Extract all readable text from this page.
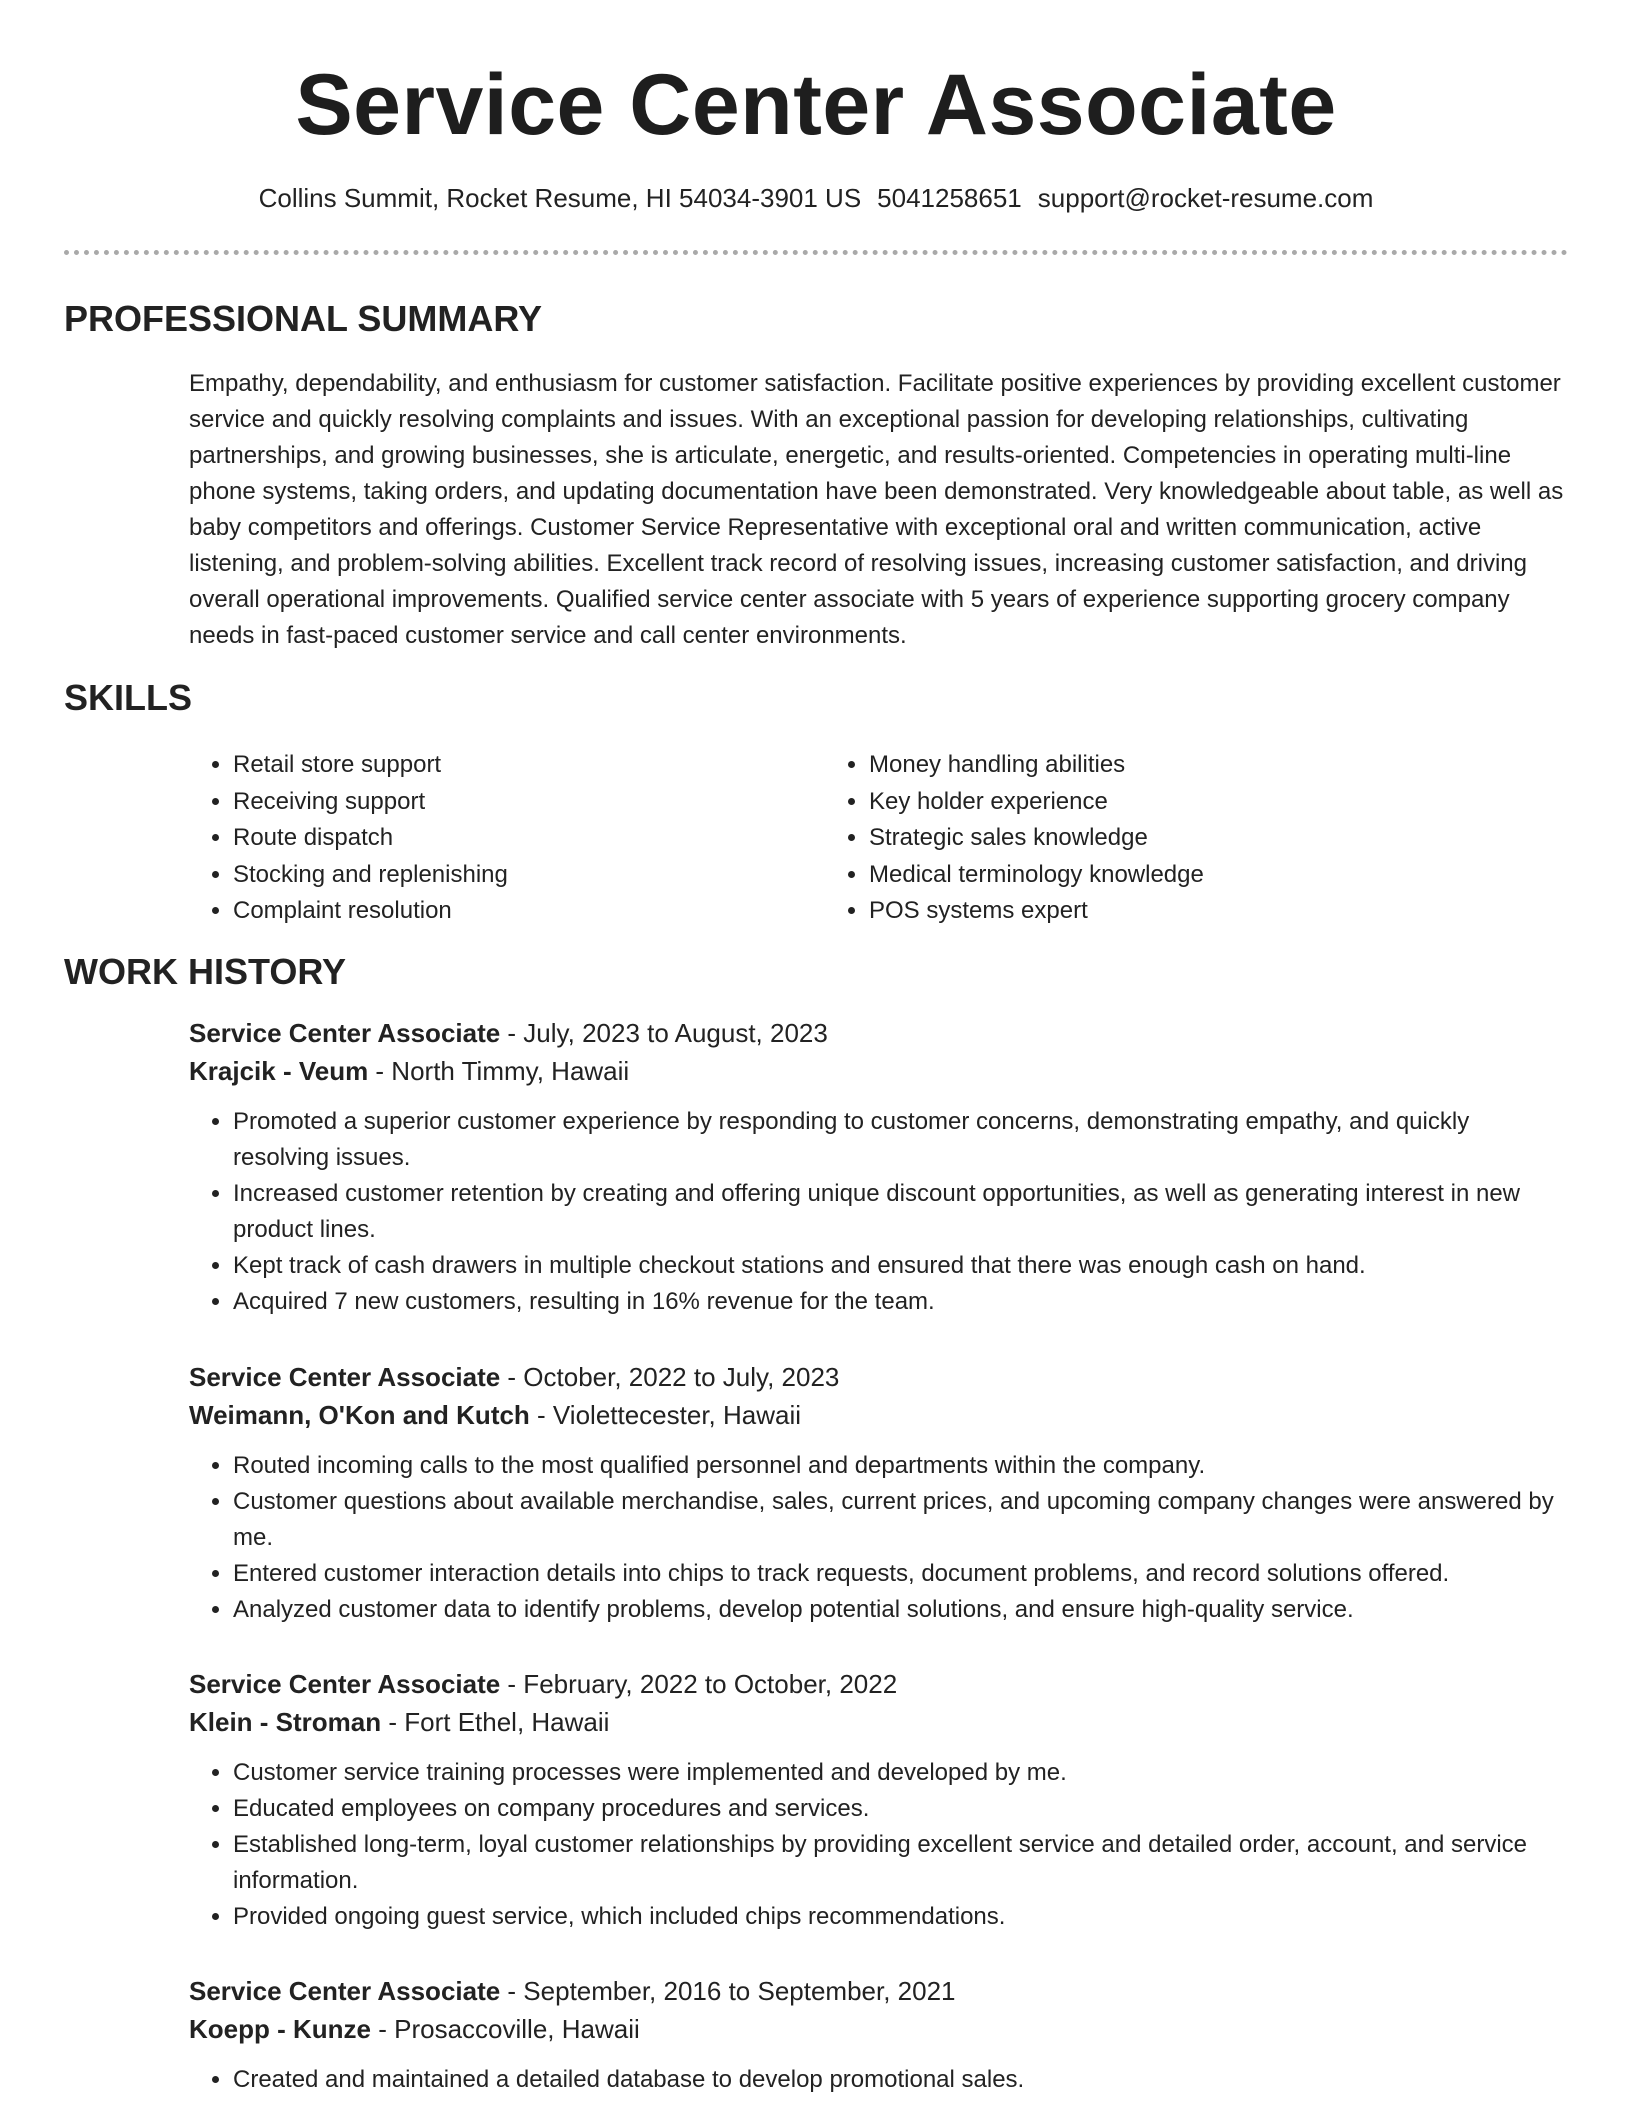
Service Center Associate
Collins Summit, Rocket Resume, HI 54034-3901 US 5041258651 support@rocket-resume.com
PROFESSIONAL SUMMARY

Empathy, dependability, and enthusiasm for customer satisfaction. Facilitate positive experiences by providing excellent customer service and quickly resolving complaints and issues. With an exceptional passion for developing relationships, cultivating partnerships, and growing businesses, she is articulate, energetic, and results-oriented. Competencies in operating multi-line phone systems, taking orders, and updating documentation have been demonstrated. Very knowledgeable about table, as well as baby competitors and offerings. Customer Service Representative with exceptional oral and written communication, active listening, and problem-solving abilities. Excellent track record of resolving issues, increasing customer satisfaction, and driving overall operational improvements. Qualified service center associate with 5 years of experience supporting grocery company needs in fast-paced customer service and call center environments.

SKILLS
• Retail store support
• Receiving support
• Route dispatch
• Stocking and replenishing
• Complaint resolution
• Money handling abilities
• Key holder experience
• Strategic sales knowledge
• Medical terminology knowledge
• POS systems expert
WORK HISTORY

Service Center Associate - July, 2023 to August, 2023

Krajcik - Veum - North Timmy, Hawaii

• Promoted a superior customer experience by responding to customer concerns, demonstrating empathy, and quickly resolving issues.
• Increased customer retention by creating and offering unique discount opportunities, as well as generating interest in new product lines.
• Kept track of cash drawers in multiple checkout stations and ensured that there was enough cash on hand.
• Acquired 7 new customers, resulting in 16% revenue for the team.

Service Center Associate - October, 2022 to July, 2023

Weimann, O'Kon and Kutch - Violettecester, Hawaii

• Routed incoming calls to the most qualified personnel and departments within the company.
• Customer questions about available merchandise, sales, current prices, and upcoming company changes were answered by me.
• Entered customer interaction details into chips to track requests, document problems, and record solutions offered.
• Analyzed customer data to identify problems, develop potential solutions, and ensure high-quality service.

Service Center Associate - February, 2022 to October, 2022

Klein - Stroman - Fort Ethel, Hawaii

• Customer service training processes were implemented and developed by me.
• Educated employees on company procedures and services.
• Established long-term, loyal customer relationships by providing excellent service and detailed order, account, and service information.
• Provided ongoing guest service, which included chips recommendations.

Service Center Associate - September, 2016 to September, 2021

Koepp - Kunze - Prosaccoville, Hawaii

• Created and maintained a detailed database to develop promotional sales.
